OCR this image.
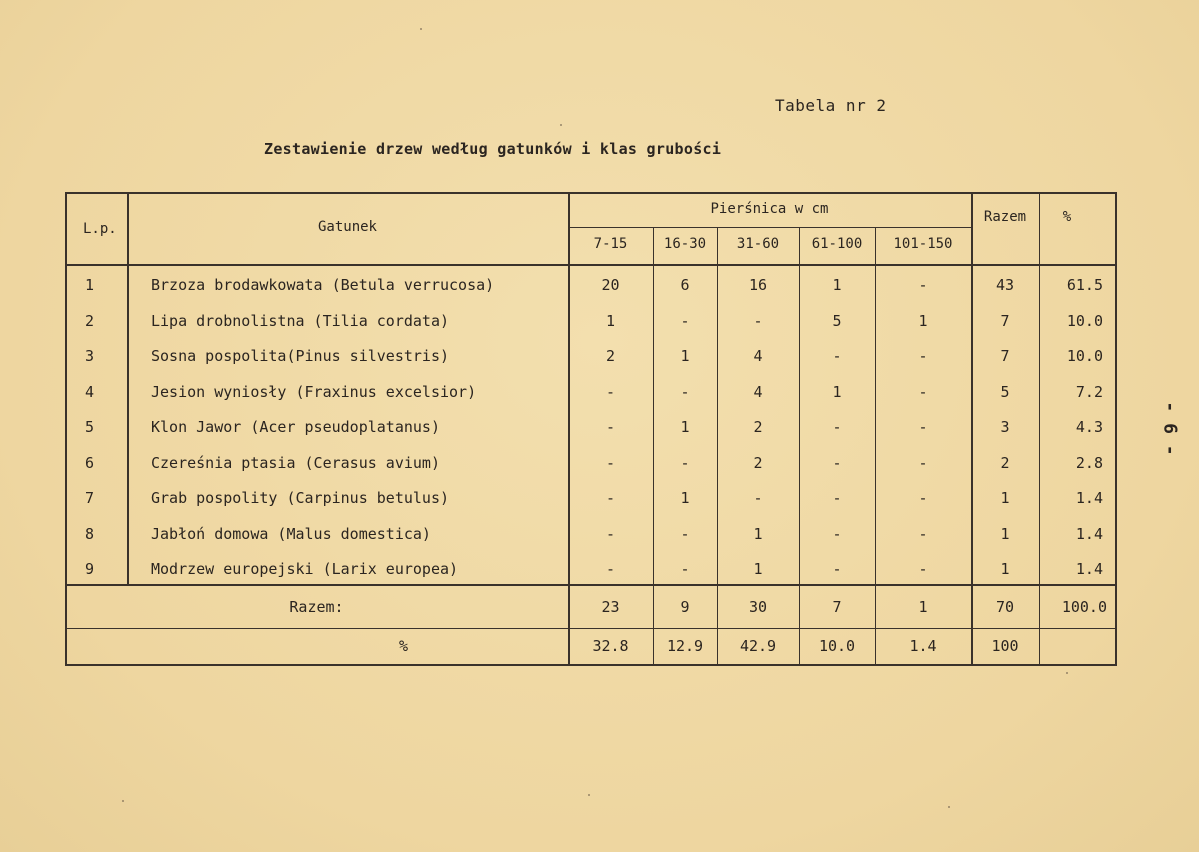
Tabela nr 2
Zestawienie drzew według gatunków i klas grubości
- 6 -
L.p.	Gatunek
Pierśnica w cm
7-15	16-30	31-60	61-100	101-150
Razem	%
1	Brzoza brodawkowata (Betula verrucosa)	20	6	16	1	-	43	61.5
2	Lipa drobnolistna (Tilia cordata)	1	-	-	5	1	7	10.0
3	Sosna pospolita(Pinus silvestris)	2	1	4	-	-	7	10.0
4	Jesion wyniosły (Fraxinus excelsior)	-	-	4	1	-	5	7.2
5	Klon Jawor (Acer pseudoplatanus)	-	1	2	-	-	3	4.3
6	Czereśnia ptasia (Cerasus avium)	-	-	2	-	-	2	2.8
7	Grab pospolity (Carpinus betulus)	-	1	-	-	-	1	1.4
8	Jabłoń domowa (Malus domestica)	-	-	1	-	-	1	1.4
9	Modrzew europejski (Larix europea)	-	-	1	-	-	1	1.4
Razem:	23	9	30	7	1	70	100.0
%	32.8	12.9	42.9	10.0	1.4	100
